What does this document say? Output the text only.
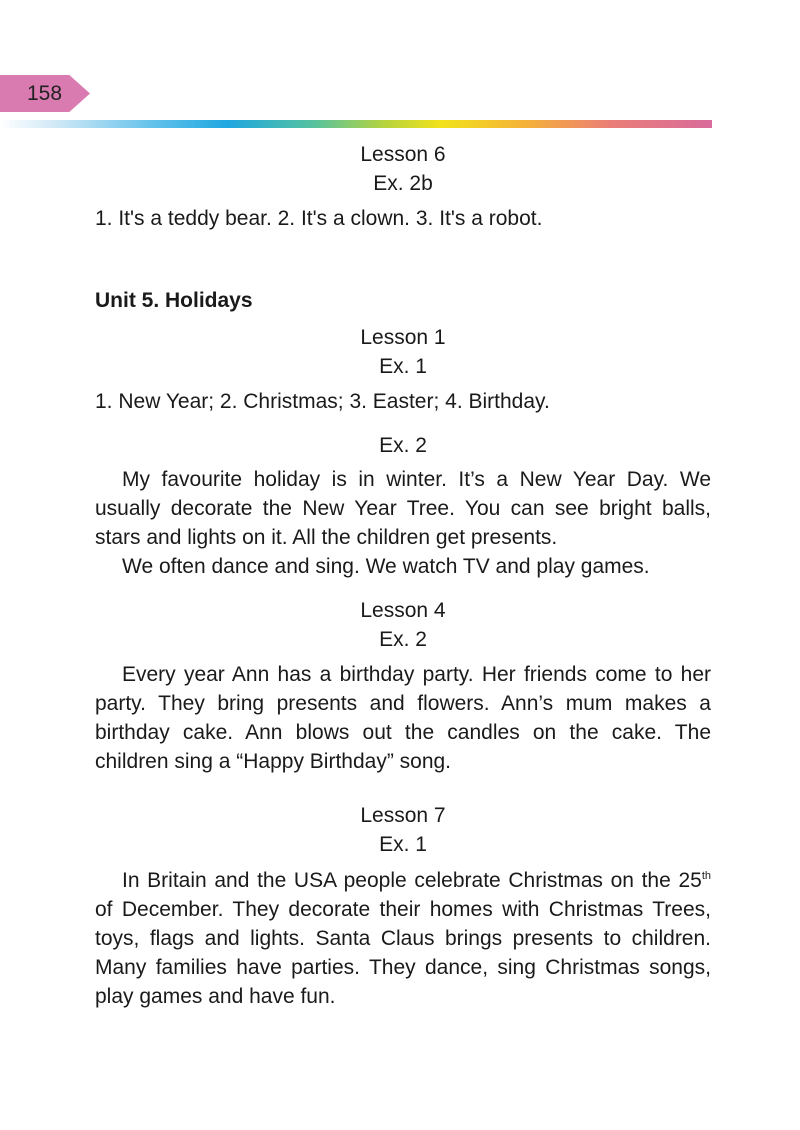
158

Lesson 6

Ex. 2b

1. It's a teddy bear. 2. It's a clown. 3. It's a robot.

Unit 5. Holidays

Lesson 1

Ex. 1

1. New Year; 2. Christmas; 3. Easter; 4. Birthday.

Ex. 2

My favourite holiday is in winter. It’s a New Year Day. We usually decorate the New Year Tree. You can see bright balls, stars and lights on it. All the children get presents.

We often dance and sing. We watch TV and play games.

Lesson 4

Ex. 2

Every year Ann has a birthday party. Her friends come to her party. They bring presents and flowers. Ann’s mum makes a birthday cake. Ann blows out the candles on the cake. The children sing a “Happy Birthday” song.

Lesson 7

Ex. 1

In Britain and the USA people celebrate Christmas on the 25th of December. They decorate their homes with Christmas Trees, toys, flags and lights. Santa Claus brings presents to children. Many families have parties. They dance, sing Christmas songs, play games and have fun.
